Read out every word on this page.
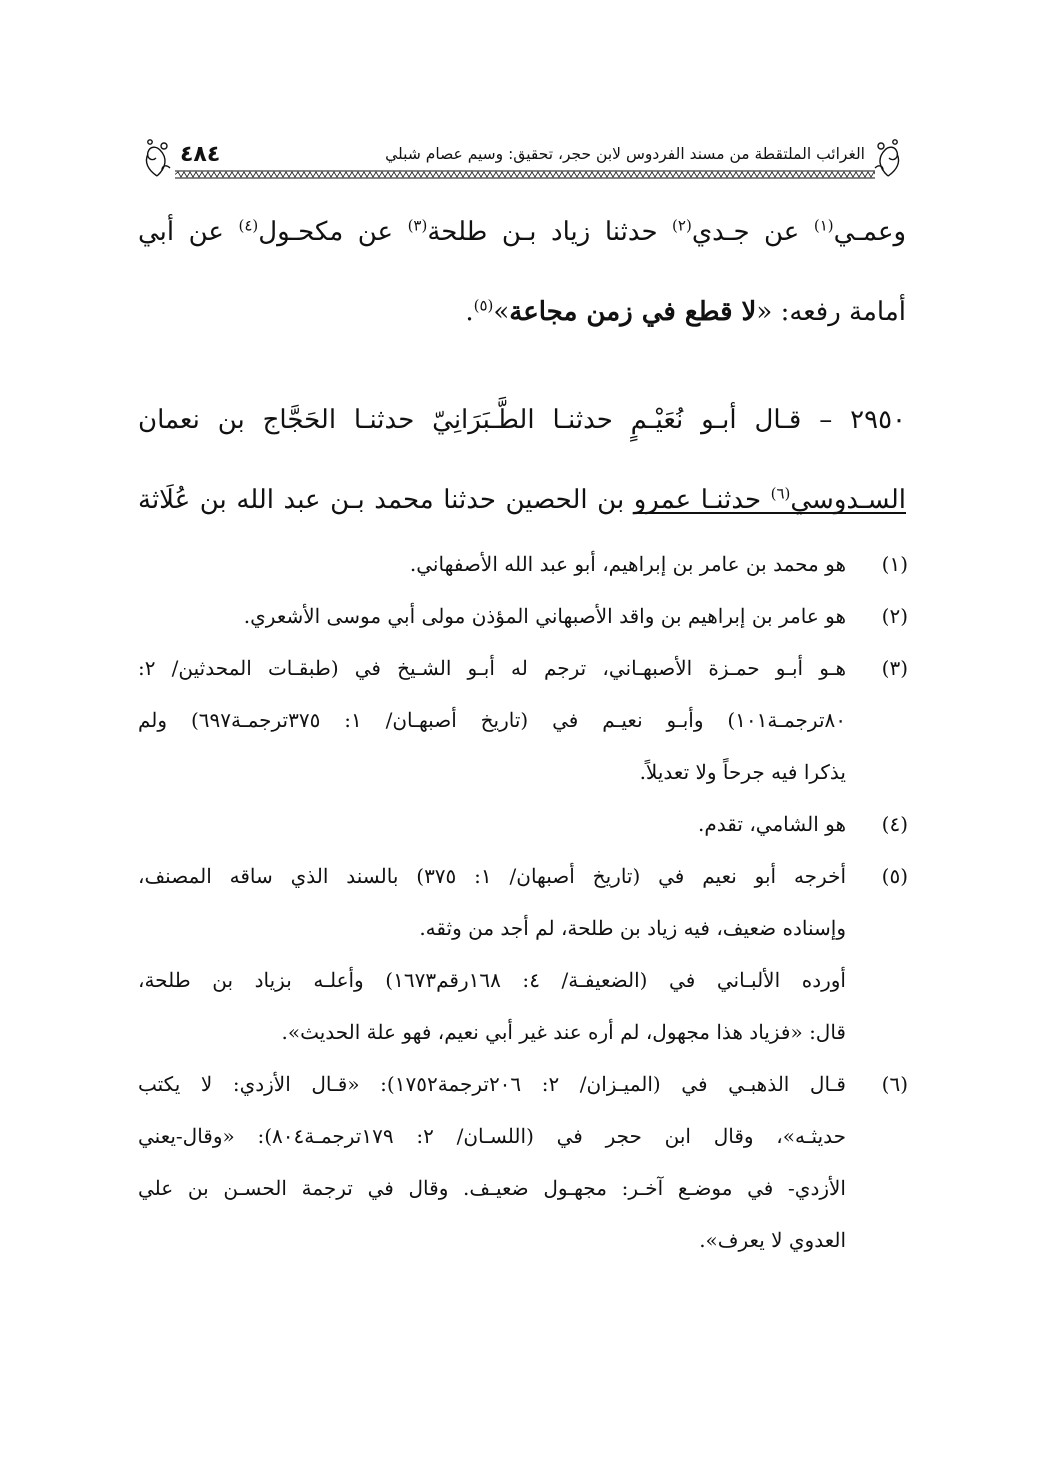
الغرائب الملتقطة من مسند الفردوس لابن حجر، تحقيق: وسيم عصام شبلي
٤٨٤

وعمـي$^{(١)}$ عن جـدي$^{(٢)}$ حدثنا زياد بـن طلحة$^{(٣)}$ عن مكحـول$^{(٤)}$ عن أبي

أمامة رفعه: «لا قطع في زمن مجاعة»$^{(٥)}$.

٢٩٥٠ – قـال أبـو نُعَيْـمٍ حدثنـا الطَّـبَرَانِيّ حدثنـا الحَجَّاج بن نعمان

السـدوسي$^{(٦)}$ حدثنـا عمرو بن الحصين حدثنا محمد بـن عبد الله بن عُلَاثة

(١)
هو محمد بن عامر بن إبراهيم، أبو عبد الله الأصفهاني.
(٢)
هو عامر بن إبراهيم بن واقد الأصبهاني المؤذن مولى أبي موسى الأشعري.
(٣)
هـو أبـو حمـزة الأصبهـاني، ترجم له أبـو الشـيخ في (طبقـات المحدثين/ ٢:
٨٠ترجمـة١٠١) وأبـو نعيـم في (تاريخ أصبهـان/ ١: ٣٧٥ترجمـة٦٩٧) ولم
يذكرا فيه جرحاً ولا تعديلاً.
(٤)
هو الشامي، تقدم.
(٥)
أخرجه أبو نعيم في (تاريخ أصبهان/ ١: ٣٧٥) بالسند الذي ساقه المصنف،
وإسناده ضعيف، فيه زياد بن طلحة، لم أجد من وثقه.
أورده الألبـاني في (الضعيفـة/ ٤: ١٦٨رقم١٦٧٣) وأعلـه بزياد بن طلحة،
قال: «فزياد هذا مجهول، لم أره عند غير أبي نعيم، فهو علة الحديث».
(٦)
قـال الذهبـي في (الميـزان/ ٢: ٢٠٦ترجمة١٧٥٢): «قـال الأزدي: لا يكتب
حديثـه»، وقال ابن حجر في (اللسـان/ ٢: ١٧٩ترجمـة٨٠٤): «وقال-يعني
الأزدي- في موضـع آخـر: مجهـول ضعيـف. وقال في ترجمة الحسـن بن علي
العدوي لا يعرف».
